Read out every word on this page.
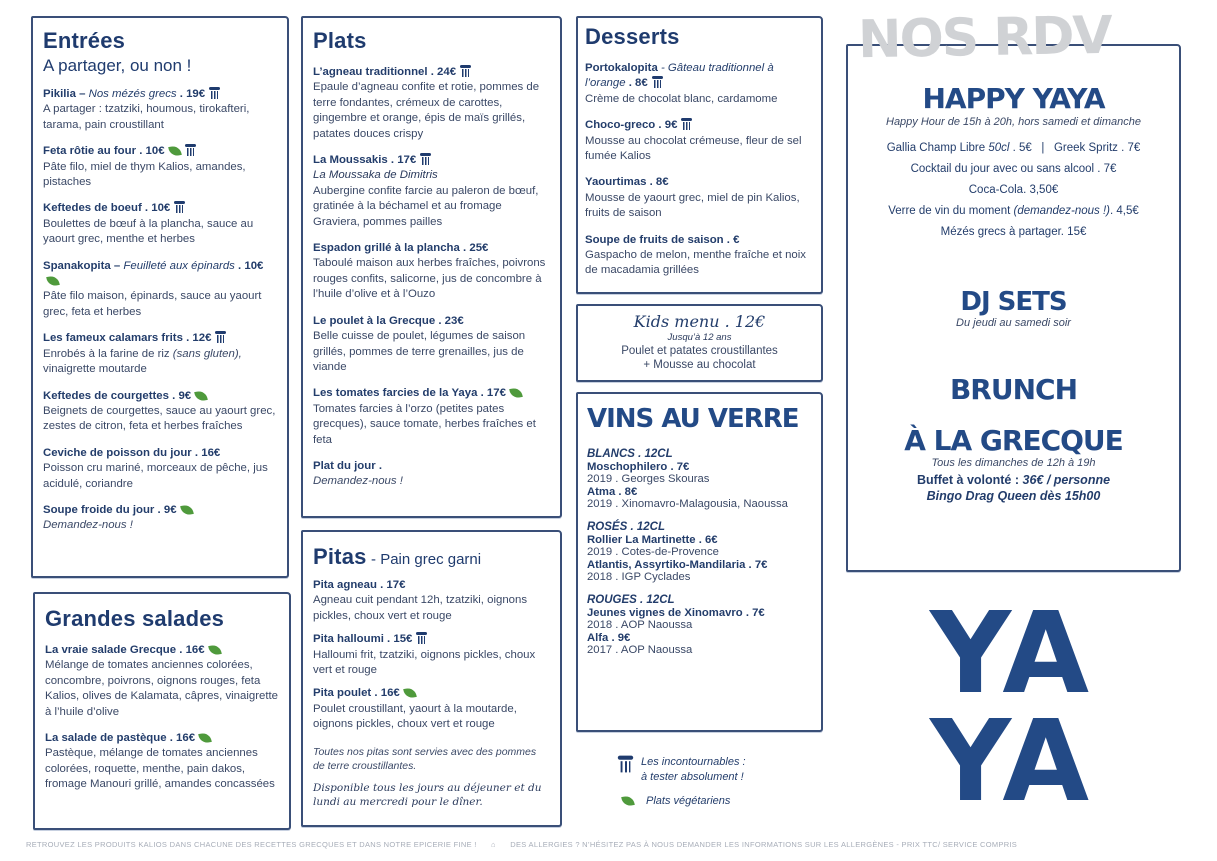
Entrées
A partager, ou non !
Pikilia – Nos mézés grecs . 19€
A partager : tzatziki, houmous, tirokafteri, tarama, pain croustillant
Feta rôtie au four . 10€
Pâte filo, miel de thym Kalios, amandes, pistaches
Keftedes de boeuf . 10€
Boulettes de bœuf à la plancha, sauce au yaourt grec, menthe et herbes
Spanakopita – Feuilleté aux épinards . 10€
Pâte filo maison, épinards, sauce au yaourt grec, feta et herbes
Les fameux calamars frits . 12€
Enrobés à la farine de riz (sans gluten), vinaigrette moutarde
Keftedes de courgettes . 9€
Beignets de courgettes, sauce au yaourt grec, zestes de citron, feta et herbes fraîches
Ceviche de poisson du jour . 16€
Poisson cru mariné, morceaux de pêche, jus acidulé, coriandre
Soupe froide du jour . 9€
Demandez-nous !
Grandes salades
La vraie salade Grecque . 16€
Mélange de tomates anciennes colorées, concombre, poivrons, oignons rouges, feta Kalios, olives de Kalamata, câpres, vinaigrette à l’huile d’olive
La salade de pastèque . 16€
Pastèque, mélange de tomates anciennes colorées, roquette, menthe, pain dakos, fromage Manouri grillé, amandes concassées
Plats
L’agneau traditionnel . 24€
Epaule d’agneau confite et rotie, pommes de terre fondantes, crémeux de carottes, gingembre et orange, épis de maïs grillés, patates douces crispy
La Moussakis . 17€
La Moussaka de Dimitris
Aubergine confite farcie au paleron de bœuf, gratinée à la béchamel et au fromage Graviera, pommes pailles
Espadon grillé à la plancha . 25€
Taboulé maison aux herbes fraîches, poivrons rouges confits, salicorne, jus de concombre à l’huile d’olive et à l’Ouzo
Le poulet à la Grecque . 23€
Belle cuisse de poulet, légumes de saison grillés, pommes de terre grenailles, jus de viande
Les tomates farcies de la Yaya . 17€
Tomates farcies à l’orzo (petites pates grecques), sauce tomate, herbes fraîches et feta
Plat du jour .
Demandez-nous !
Pitas - Pain grec garni
Pita agneau . 17€
Agneau cuit pendant 12h, tzatziki, oignons pickles, choux vert et rouge
Pita halloumi . 15€
Halloumi frit, tzatziki, oignons pickles, choux vert et rouge
Pita poulet . 16€
Poulet croustillant, yaourt à la moutarde, oignons pickles, choux vert et rouge
Toutes nos pitas sont servies avec des pommes de terre croustillantes.
Disponible tous les jours au déjeuner et du lundi au mercredi pour le dîner.
Desserts
Portokalopita - Gâteau traditionnel à l’orange . 8€
Crème de chocolat blanc, cardamome
Choco-greco . 9€
Mousse au chocolat crémeuse, fleur de sel fumée Kalios
Yaourtimas . 8€
Mousse de yaourt grec, miel de pin Kalios, fruits de saison
Soupe de fruits de saison . €
Gaspacho de melon, menthe fraîche et noix de macadamia grillées
Kids menu . 12€
Jusqu’à 12 ans
Poulet et patates croustillantes
+ Mousse au chocolat
VINS AU VERRE
BLANCS . 12CL
Moschophilero . 7€
2019 . Georges Skouras
Atma . 8€
2019 . Xinomavro-Malagousia, Naoussa
ROSÉS . 12CL
Rollier La Martinette . 6€
2019 . Cotes-de-Provence
Atlantis, Assyrtiko-Mandilaria . 7€
2018 . IGP Cyclades
ROUGES . 12CL
Jeunes vignes de Xinomavro . 7€
2018 . AOP Naoussa
Alfa . 9€
2017 . AOP Naoussa
Les incontournables :
à tester absolument !
Plats végétariens
HAPPY YAYA
Happy Hour de 15h à 20h, hors samedi et dimanche
Gallia Champ Libre 50cl . 5€   |   Greek Spritz . 7€
Cocktail du jour avec ou sans alcool . 7€
Coca-Cola. 3,50€
Verre de vin du moment (demandez-nous !). 4,5€
Mézés grecs à partager. 15€
DJ SETS
Du jeudi au samedi soir
BRUNCH
À LA GRECQUE
Tous les dimanches de 12h à 19h
Buffet à volonté : 36€ / personne
Bingo Drag Queen dès 15h00
NOS RDV
YA
YA
RETROUVEZ LES PRODUITS KALIOS DANS CHACUNE DES RECETTES GRECQUES ET DANS NOTRE EPICERIE FINE ! ⌂ DES ALLERGIES ? N’HÉSITEZ PAS À NOUS DEMANDER LES INFORMATIONS SUR LES ALLERGÈNES - PRIX TTC/ SERVICE COMPRIS
